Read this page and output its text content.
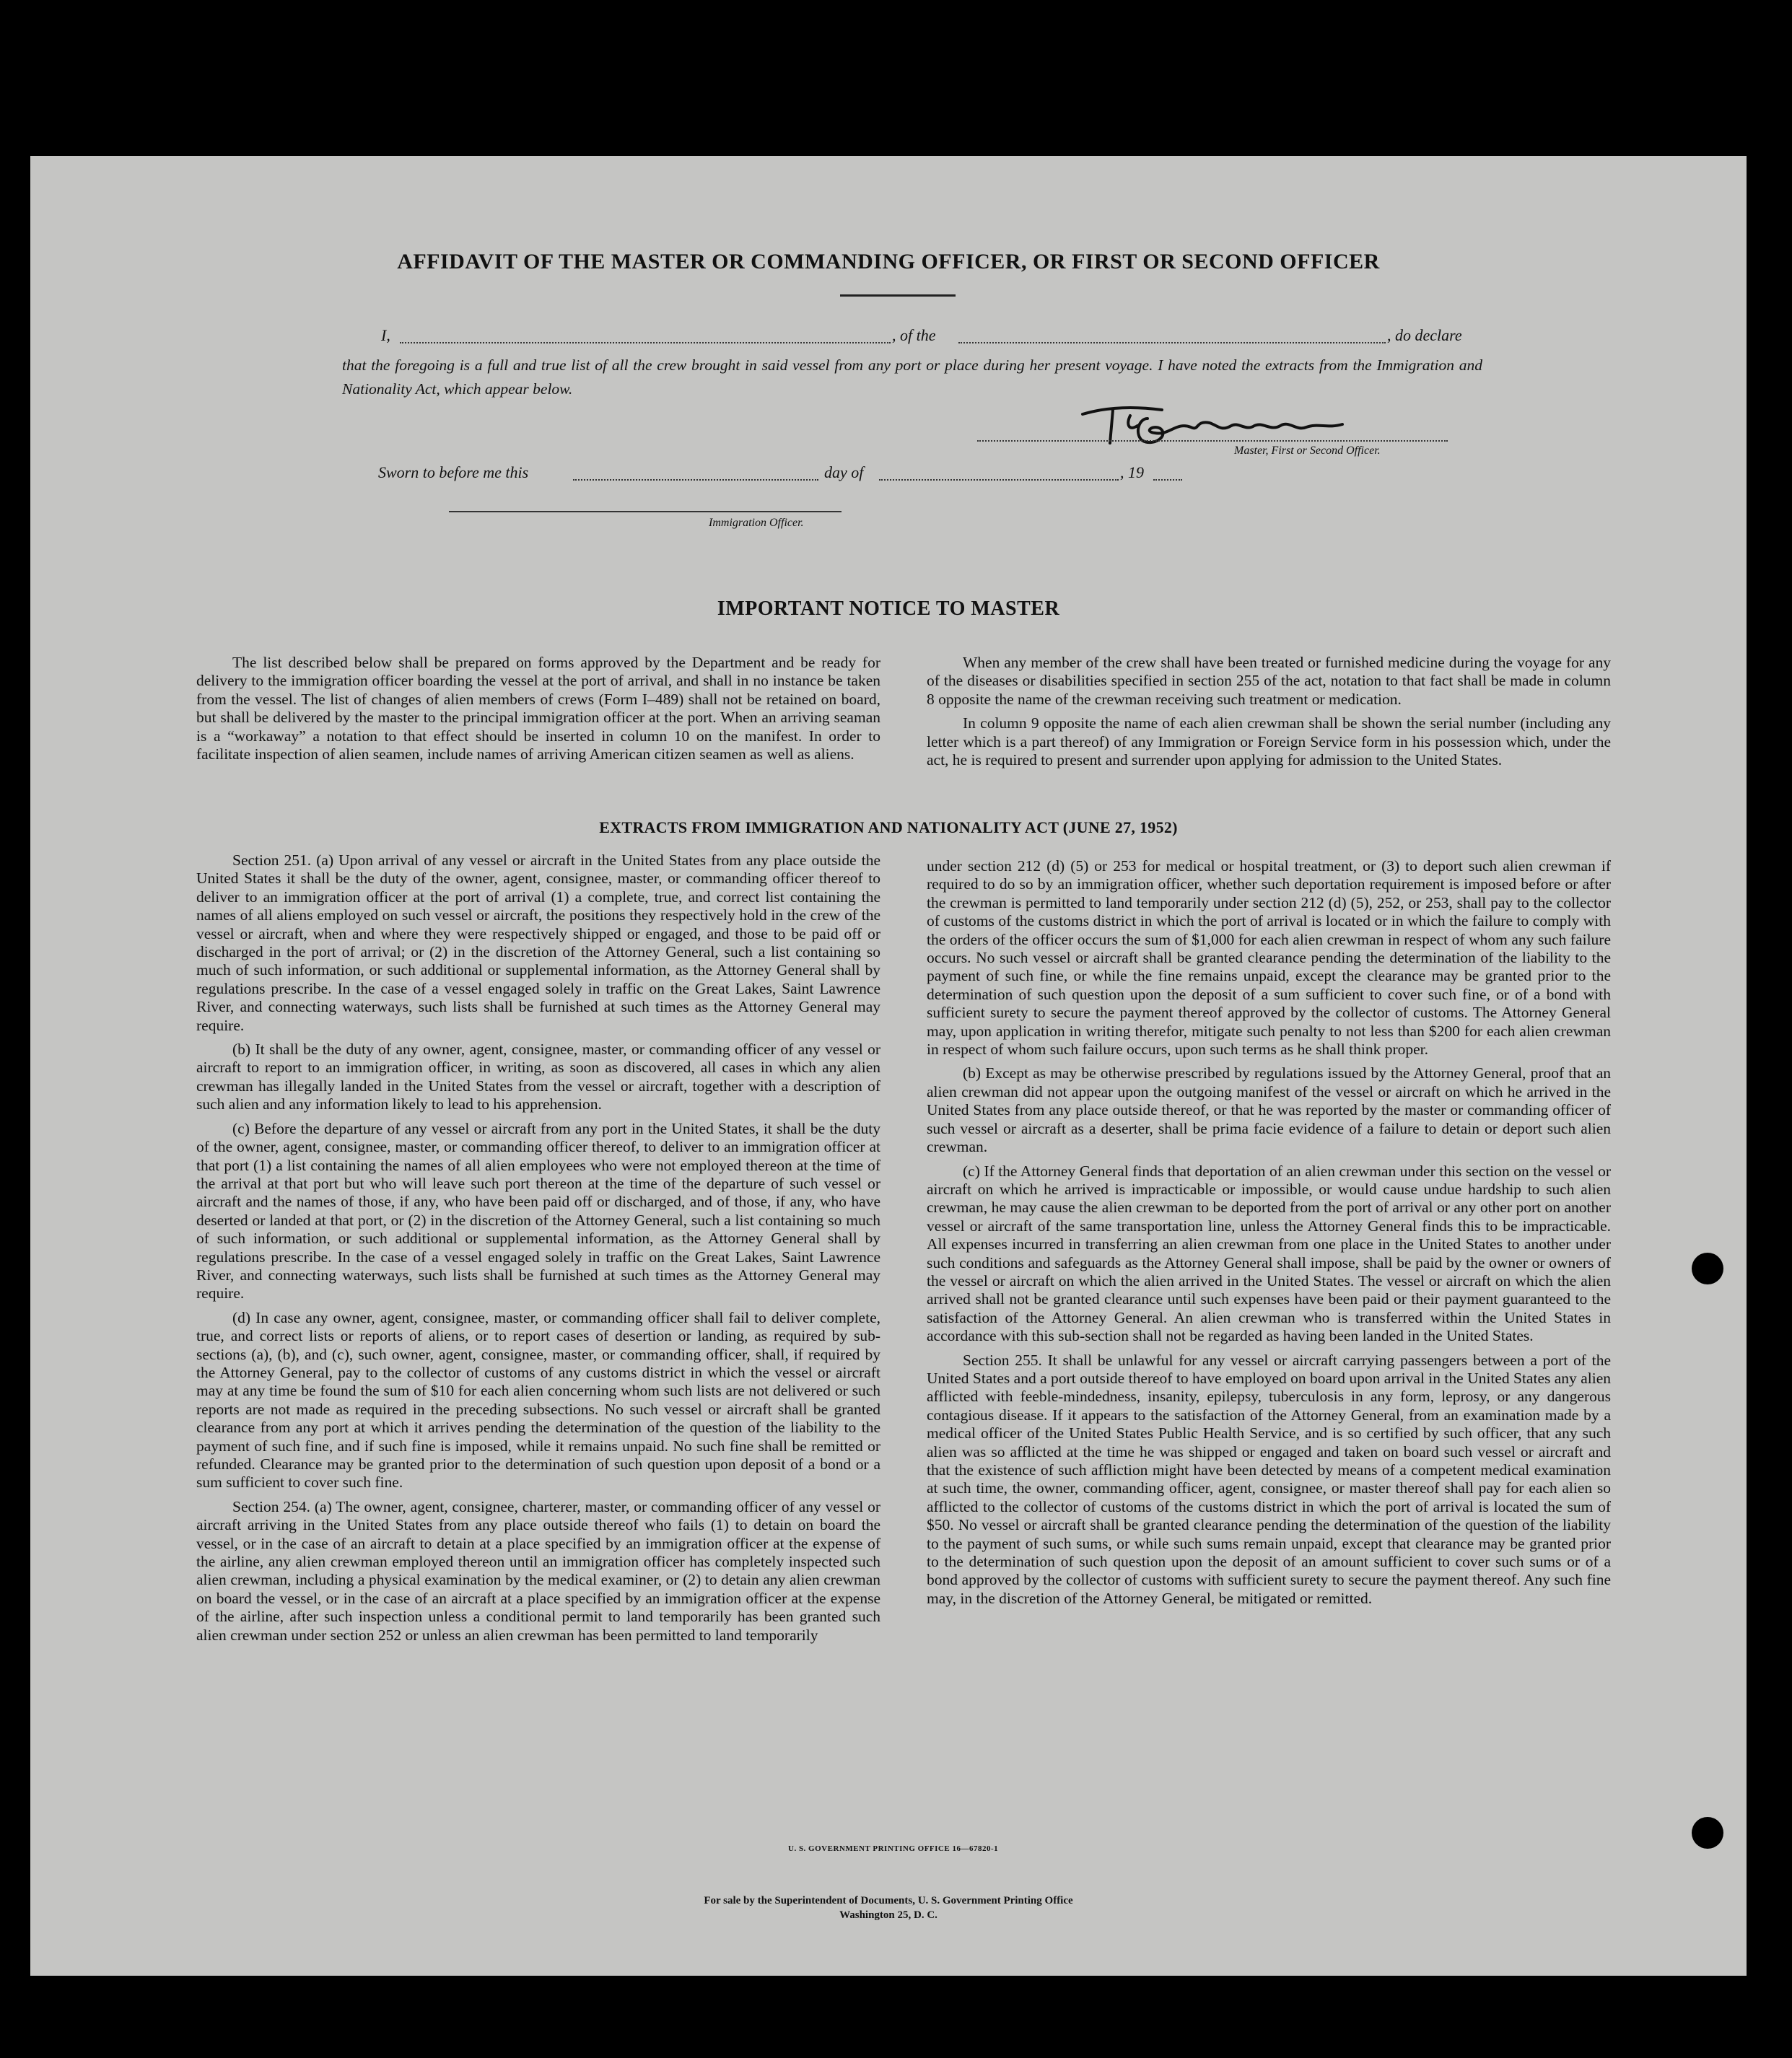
AFFIDAVIT OF THE MASTER OR COMMANDING OFFICER, OR FIRST OR SECOND OFFICER
I,	, of the	, do declare
that the foregoing is a full and true list of all the crew brought in said vessel from any port or place during her present voyage. I have noted the extracts from the Immigration and Nationality Act, which appear below.
Master, First or Second Officer.
Sworn to before me this	day of	, 19
Immigration Officer.
IMPORTANT NOTICE TO MASTER

The list described below shall be prepared on forms approved by the Department and be ready for delivery to the immigration officer boarding the vessel at the port of arrival, and shall in no instance be taken from the vessel. The list of changes of alien members of crews (Form I–489) shall not be retained on board, but shall be delivered by the master to the principal immigration officer at the port. When an arriving seaman is a “workaway” a notation to that effect should be inserted in column 10 on the manifest. In order to facilitate inspection of alien seamen, include names of arriving American citizen seamen as well as aliens.

When any member of the crew shall have been treated or furnished medicine during the voyage for any of the diseases or disabilities specified in section 255 of the act, notation to that fact shall be made in column 8 opposite the name of the crewman receiving such treatment or medication.

In column 9 opposite the name of each alien crewman shall be shown the serial number (including any letter which is a part thereof) of any Immigration or Foreign Service form in his possession which, under the act, he is required to present and surrender upon applying for admission to the United States.

EXTRACTS FROM IMMIGRATION AND NATIONALITY ACT (JUNE 27, 1952)

Section 251. (a) Upon arrival of any vessel or aircraft in the United States from any place outside the United States it shall be the duty of the owner, agent, consignee, master, or commanding officer thereof to deliver to an immigration officer at the port of arrival (1) a complete, true, and correct list containing the names of all aliens employed on such vessel or aircraft, the positions they respectively hold in the crew of the vessel or aircraft, when and where they were respectively shipped or engaged, and those to be paid off or discharged in the port of arrival; or (2) in the discretion of the Attorney General, such a list containing so much of such information, or such additional or supplemental information, as the Attorney General shall by regulations prescribe. In the case of a vessel engaged solely in traffic on the Great Lakes, Saint Lawrence River, and connecting waterways, such lists shall be furnished at such times as the Attorney General may require.

(b) It shall be the duty of any owner, agent, consignee, master, or commanding officer of any vessel or aircraft to report to an immigration officer, in writing, as soon as discovered, all cases in which any alien crewman has illegally landed in the United States from the vessel or aircraft, together with a description of such alien and any information likely to lead to his apprehension.

(c) Before the departure of any vessel or aircraft from any port in the United States, it shall be the duty of the owner, agent, consignee, master, or commanding officer thereof, to deliver to an immigration officer at that port (1) a list containing the names of all alien employees who were not employed thereon at the time of the arrival at that port but who will leave such port thereon at the time of the departure of such vessel or aircraft and the names of those, if any, who have been paid off or discharged, and of those, if any, who have deserted or landed at that port, or (2) in the discretion of the Attorney General, such a list containing so much of such information, or such additional or supplemental information, as the Attorney General shall by regulations prescribe. In the case of a vessel engaged solely in traffic on the Great Lakes, Saint Lawrence River, and connecting waterways, such lists shall be furnished at such times as the Attorney General may require.

(d) In case any owner, agent, consignee, master, or commanding officer shall fail to deliver complete, true, and correct lists or reports of aliens, or to report cases of desertion or landing, as required by sub-sections (a), (b), and (c), such owner, agent, consignee, master, or commanding officer, shall, if required by the Attorney General, pay to the collector of customs of any customs district in which the vessel or aircraft may at any time be found the sum of $10 for each alien concerning whom such lists are not delivered or such reports are not made as required in the preceding subsections. No such vessel or aircraft shall be granted clearance from any port at which it arrives pending the determination of the question of the liability to the payment of such fine, and if such fine is imposed, while it remains unpaid. No such fine shall be remitted or refunded. Clearance may be granted prior to the determination of such question upon deposit of a bond or a sum sufficient to cover such fine.

Section 254. (a) The owner, agent, consignee, charterer, master, or commanding officer of any vessel or aircraft arriving in the United States from any place outside thereof who fails (1) to detain on board the vessel, or in the case of an aircraft to detain at a place specified by an immigration officer at the expense of the airline, any alien crewman employed thereon until an immigration officer has completely inspected such alien crewman, including a physical examination by the medical examiner, or (2) to detain any alien crewman on board the vessel, or in the case of an aircraft at a place specified by an immigration officer at the expense of the airline, after such inspection unless a conditional permit to land temporarily has been granted such alien crewman under section 252 or unless an alien crewman has been permitted to land temporarily

under section 212 (d) (5) or 253 for medical or hospital treatment, or (3) to deport such alien crewman if required to do so by an immigration officer, whether such deportation requirement is imposed before or after the crewman is permitted to land temporarily under section 212 (d) (5), 252, or 253, shall pay to the collector of customs of the customs district in which the port of arrival is located or in which the failure to comply with the orders of the officer occurs the sum of $1,000 for each alien crewman in respect of whom any such failure occurs. No such vessel or aircraft shall be granted clearance pending the determination of the liability to the payment of such fine, or while the fine remains unpaid, except the clearance may be granted prior to the determination of such question upon the deposit of a sum sufficient to cover such fine, or of a bond with sufficient surety to secure the payment thereof approved by the collector of customs. The Attorney General may, upon application in writing therefor, mitigate such penalty to not less than $200 for each alien crewman in respect of whom such failure occurs, upon such terms as he shall think proper.

(b) Except as may be otherwise prescribed by regulations issued by the Attorney General, proof that an alien crewman did not appear upon the outgoing manifest of the vessel or aircraft on which he arrived in the United States from any place outside thereof, or that he was reported by the master or commanding officer of such vessel or aircraft as a deserter, shall be prima facie evidence of a failure to detain or deport such alien crewman.

(c) If the Attorney General finds that deportation of an alien crewman under this section on the vessel or aircraft on which he arrived is impracticable or impossible, or would cause undue hardship to such alien crewman, he may cause the alien crewman to be deported from the port of arrival or any other port on another vessel or aircraft of the same transportation line, unless the Attorney General finds this to be impracticable. All expenses incurred in transferring an alien crewman from one place in the United States to another under such conditions and safeguards as the Attorney General shall impose, shall be paid by the owner or owners of the vessel or aircraft on which the alien arrived in the United States. The vessel or aircraft on which the alien arrived shall not be granted clearance until such expenses have been paid or their payment guaranteed to the satisfaction of the Attorney General. An alien crewman who is transferred within the United States in accordance with this sub-section shall not be regarded as having been landed in the United States.

Section 255. It shall be unlawful for any vessel or aircraft carrying passengers between a port of the United States and a port outside thereof to have employed on board upon arrival in the United States any alien afflicted with feeble-mindedness, insanity, epilepsy, tuberculosis in any form, leprosy, or any dangerous contagious disease. If it appears to the satisfaction of the Attorney General, from an examination made by a medical officer of the United States Public Health Service, and is so certified by such officer, that any such alien was so afflicted at the time he was shipped or engaged and taken on board such vessel or aircraft and that the existence of such affliction might have been detected by means of a competent medical examination at such time, the owner, commanding officer, agent, consignee, or master thereof shall pay for each alien so afflicted to the collector of customs of the customs district in which the port of arrival is located the sum of $50. No vessel or aircraft shall be granted clearance pending the determination of the question of the liability to the payment of such sums, or while such sums remain unpaid, except that clearance may be granted prior to the determination of such question upon the deposit of an amount sufficient to cover such sums or of a bond approved by the collector of customs with sufficient surety to secure the payment thereof. Any such fine may, in the discretion of the Attorney General, be mitigated or remitted.

U. S. GOVERNMENT PRINTING OFFICE 16—67820-1
For sale by the Superintendent of Documents, U. S. Government Printing Office
Washington 25, D. C.
